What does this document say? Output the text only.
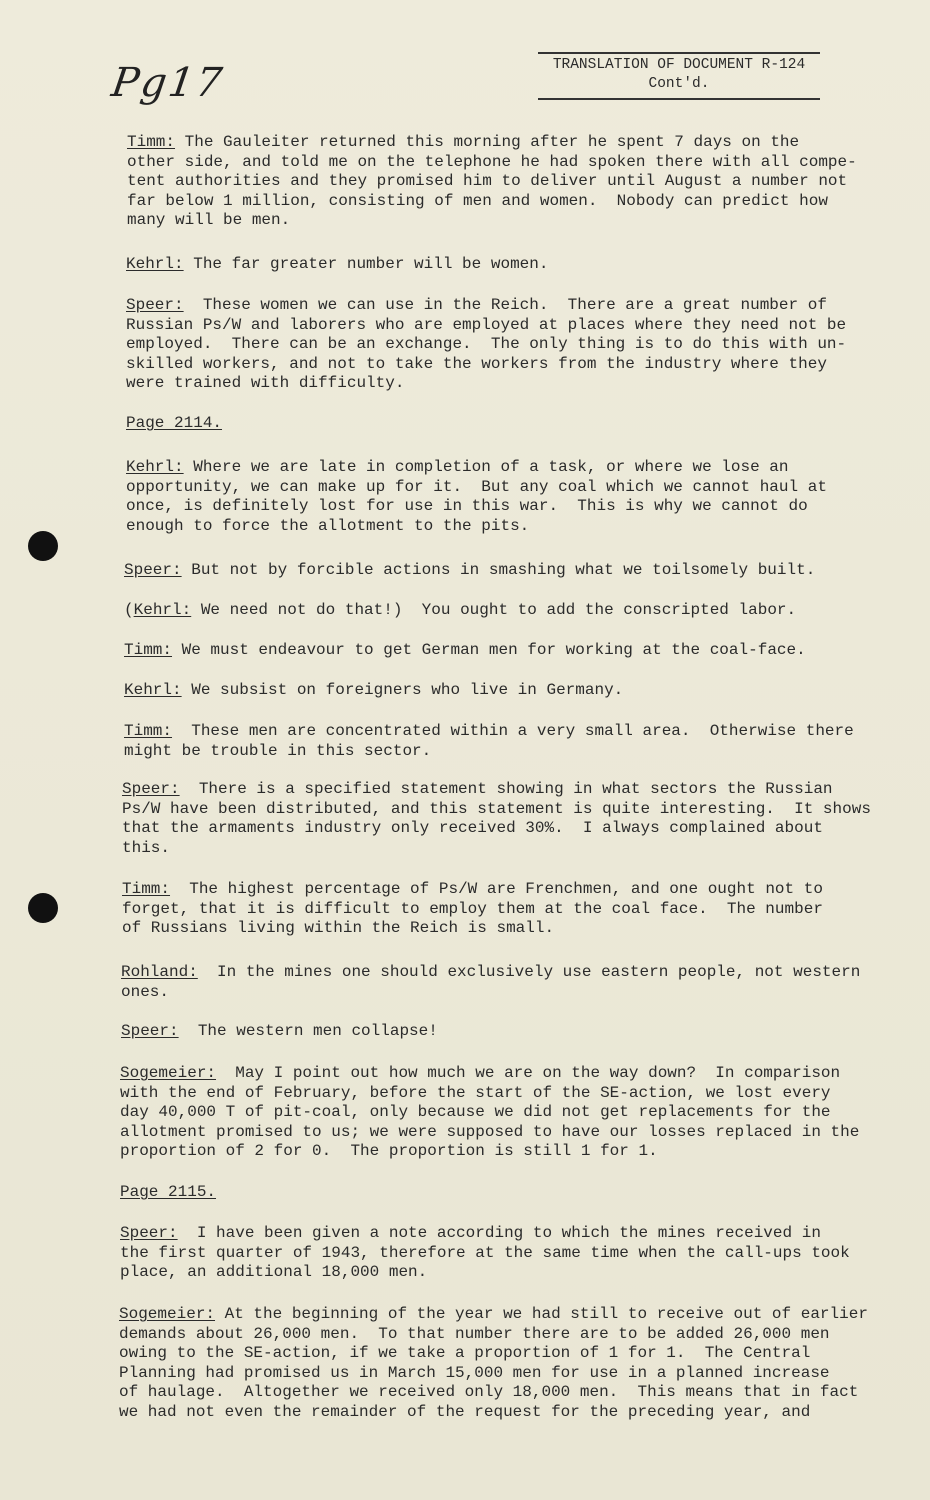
Pg17	TRANSLATION OF DOCUMENT R-124
Cont'd.
Timm: The Gauleiter returned this morning after he spent 7 days on the
other side, and told me on the telephone he had spoken there with all compe-
tent authorities and they promised him to deliver until August a number not
far below 1 million, consisting of men and women.  Nobody can predict how
many will be men.
Kehrl: The far greater number will be women.
Speer:  These women we can use in the Reich.  There are a great number of
Russian Ps/W and laborers who are employed at places where they need not be
employed.  There can be an exchange.  The only thing is to do this with un-
skilled workers, and not to take the workers from the industry where they
were trained with difficulty.
Page 2114.
Kehrl: Where we are late in completion of a task, or where we lose an
opportunity, we can make up for it.  But any coal which we cannot haul at
once, is definitely lost for use in this war.  This is why we cannot do
enough to force the allotment to the pits.
Speer: But not by forcible actions in smashing what we toilsomely built.
(Kehrl: We need not do that!)  You ought to add the conscripted labor.
Timm: We must endeavour to get German men for working at the coal-face.
Kehrl: We subsist on foreigners who live in Germany.
Timm:  These men are concentrated within a very small area.  Otherwise there
might be trouble in this sector.
Speer:  There is a specified statement showing in what sectors the Russian
Ps/W have been distributed, and this statement is quite interesting.  It shows
that the armaments industry only received 30%.  I always complained about
this.
Timm:  The highest percentage of Ps/W are Frenchmen, and one ought not to
forget, that it is difficult to employ them at the coal face.  The number
of Russians living within the Reich is small.
Rohland:  In the mines one should exclusively use eastern people, not western
ones.
Speer:  The western men collapse!
Sogemeier:  May I point out how much we are on the way down?  In comparison
with the end of February, before the start of the SE-action, we lost every
day 40,000 T of pit-coal, only because we did not get replacements for the
allotment promised to us; we were supposed to have our losses replaced in the
proportion of 2 for 0.  The proportion is still 1 for 1.
Page 2115.
Speer:  I have been given a note according to which the mines received in
the first quarter of 1943, therefore at the same time when the call-ups took
place, an additional 18,000 men.
Sogemeier: At the beginning of the year we had still to receive out of earlier
demands about 26,000 men.  To that number there are to be added 26,000 men
owing to the SE-action, if we take a proportion of 1 for 1.  The Central
Planning had promised us in March 15,000 men for use in a planned increase
of haulage.  Altogether we received only 18,000 men.  This means that in fact
we had not even the remainder of the request for the preceding year, and
